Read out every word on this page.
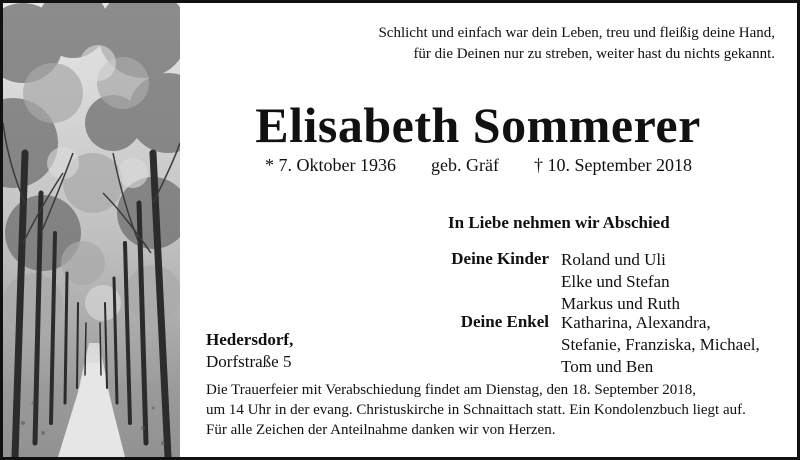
Schlicht und einfach war dein Leben, treu und fleißig deine Hand,
für die Deinen nur zu streben, weiter hast du nichts gekannt.
Elisabeth Sommerer
* 7. Oktober 1936 geb. Gräf † 10. September 2018
In Liebe nehmen wir Abschied
Deine Kinder Roland und Uli
Elke und Stefan
Markus und Ruth
Deine Enkel Katharina, Alexandra,
Stefanie, Franziska, Michael,
Tom und Ben
Hedersdorf,
Dorfstraße 5
Die Trauerfeier mit Verabschiedung findet am Dienstag, den 18. September 2018,
um 14 Uhr in der evang. Christuskirche in Schnaittach statt. Ein Kondolenzbuch liegt auf.
Für alle Zeichen der Anteilnahme danken wir von Herzen.
